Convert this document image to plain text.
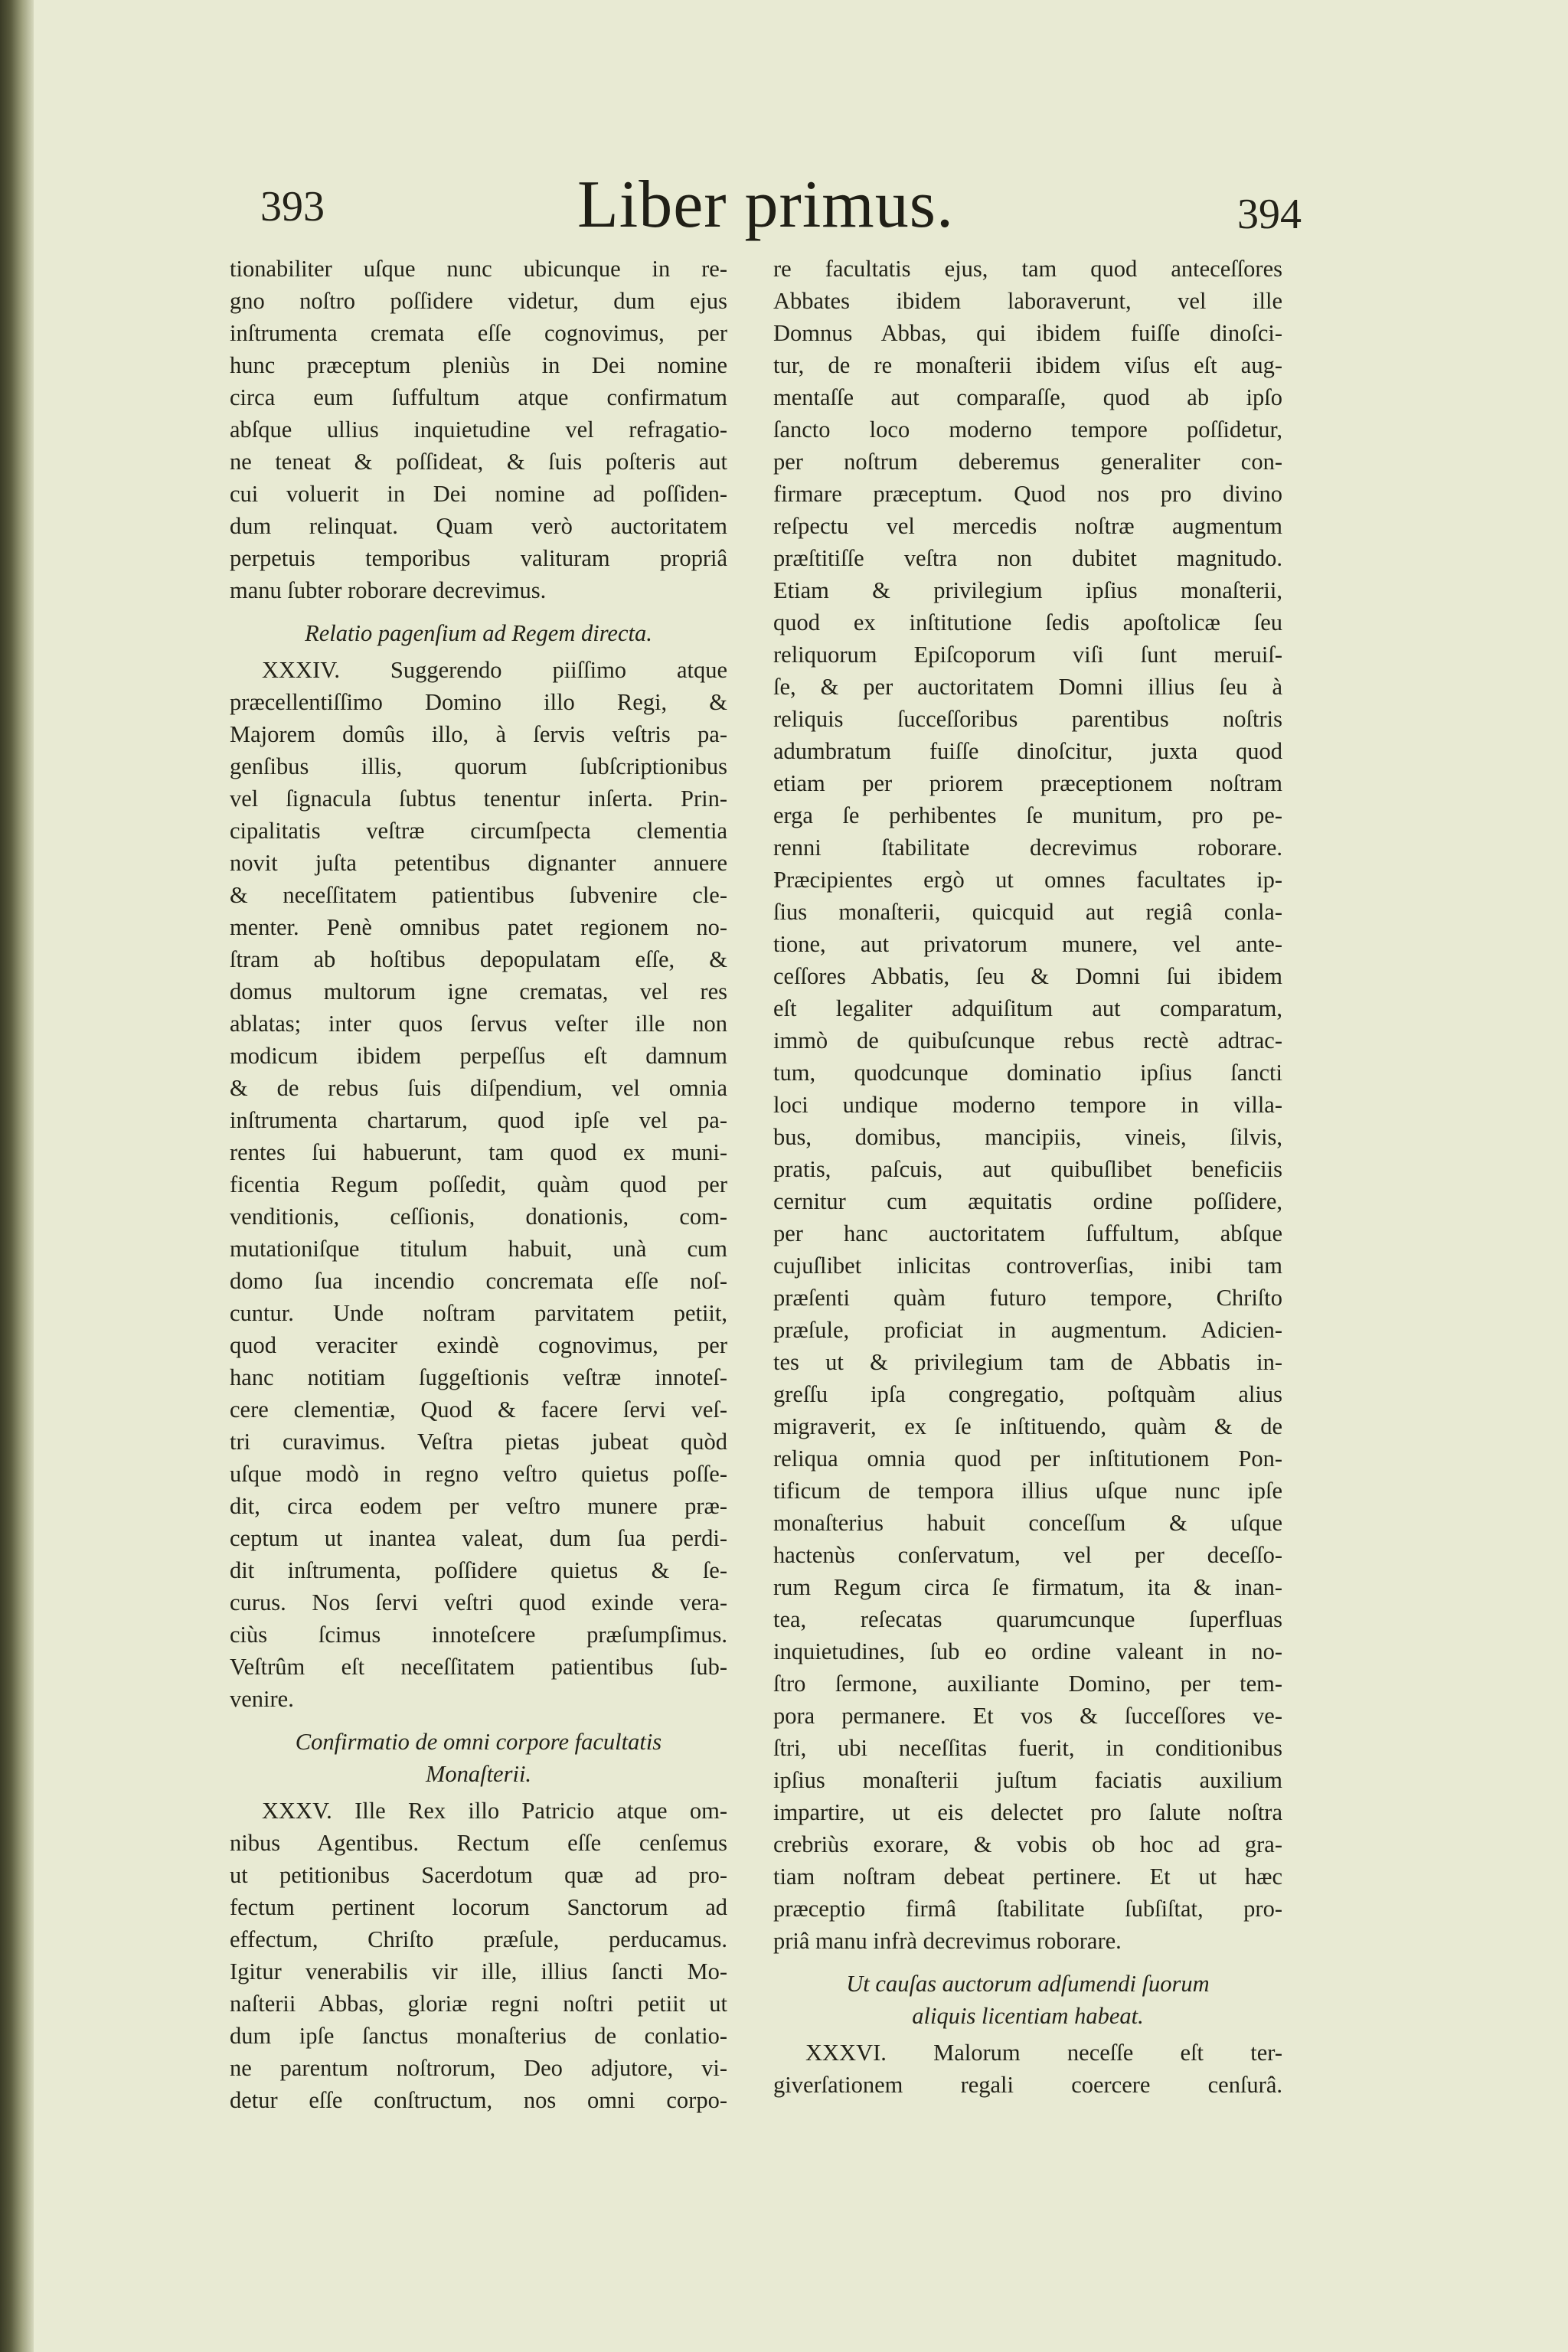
393	Liber primus.	394
tionabiliter uſque nunc ubicunque in re-
gno noſtro poſſidere videtur, dum ejus
inſtrumenta cremata eſſe cognovimus, per
hunc præceptum pleniùs in Dei nomine
circa eum ſuffultum atque confirmatum
abſque ullius inquietudine vel refragatio-
ne teneat & poſſideat, & ſuis poſteris aut
cui voluerit in Dei nomine ad poſſiden-
dum relinquat. Quam verò auctoritatem
perpetuis temporibus valituram propriâ
manu ſubter roborare decrevimus.
Relatio pagenſium ad Regem directa.
XXXIV. Suggerendo piiſſimo atque
præcellentiſſimo Domino illo Regi, &
Majorem domûs illo, à ſervis veſtris pa-
genſibus illis, quorum ſubſcriptionibus
vel ſignacula ſubtus tenentur inſerta. Prin-
cipalitatis veſtræ circumſpecta clementia
novit juſta petentibus dignanter annuere
& neceſſitatem patientibus ſubvenire cle-
menter. Penè omnibus patet regionem no-
ſtram ab hoſtibus depopulatam eſſe, &
domus multorum igne crematas, vel res
ablatas; inter quos ſervus veſter ille non
modicum ibidem perpeſſus eſt damnum
& de rebus ſuis diſpendium, vel omnia
inſtrumenta chartarum, quod ipſe vel pa-
rentes ſui habuerunt, tam quod ex muni-
ficentia Regum poſſedit, quàm quod per
venditionis, ceſſionis, donationis, com-
mutationiſque titulum habuit, unà cum
domo ſua incendio concremata eſſe noſ-
cuntur. Unde noſtram parvitatem petiit,
quod veraciter exindè cognovimus, per
hanc notitiam ſuggeſtionis veſtræ innoteſ-
cere clementiæ, Quod & facere ſervi veſ-
tri curavimus. Veſtra pietas jubeat quòd
uſque modò in regno veſtro quietus poſſe-
dit, circa eodem per veſtro munere præ-
ceptum ut inantea valeat, dum ſua perdi-
dit inſtrumenta, poſſidere quietus & ſe-
curus. Nos ſervi veſtri quod exinde vera-
ciùs ſcimus innoteſcere præſumpſimus.
Veſtrûm eſt neceſſitatem patientibus ſub-
venire.
Confirmatio de omni corpore facultatis
Monaſterii.
XXXV. Ille Rex illo Patricio atque om-
nibus Agentibus. Rectum eſſe cenſemus
ut petitionibus Sacerdotum quæ ad pro-
fectum pertinent locorum Sanctorum ad
effectum, Chriſto præſule, perducamus.
Igitur venerabilis vir ille, illius ſancti Mo-
naſterii Abbas, gloriæ regni noſtri petiit ut
dum ipſe ſanctus monaſterius de conlatio-
ne parentum noſtrorum, Deo adjutore, vi-
detur eſſe conſtructum, nos omni corpo-
re facultatis ejus, tam quod anteceſſores
Abbates ibidem laboraverunt, vel ille
Domnus Abbas, qui ibidem fuiſſe dinoſci-
tur, de re monaſterii ibidem viſus eſt aug-
mentaſſe aut comparaſſe, quod ab ipſo
ſancto loco moderno tempore poſſidetur,
per noſtrum deberemus generaliter con-
firmare præceptum. Quod nos pro divino
reſpectu vel mercedis noſtræ augmentum
præſtitiſſe veſtra non dubitet magnitudo.
Etiam & privilegium ipſius monaſterii,
quod ex inſtitutione ſedis apoſtolicæ ſeu
reliquorum Epiſcoporum viſi ſunt meruiſ-
ſe, & per auctoritatem Domni illius ſeu à
reliquis ſucceſſoribus parentibus noſtris
adumbratum fuiſſe dinoſcitur, juxta quod
etiam per priorem præceptionem noſtram
erga ſe perhibentes ſe munitum, pro pe-
renni ſtabilitate decrevimus roborare.
Præcipientes ergò ut omnes facultates ip-
ſius monaſterii, quicquid aut regiâ conla-
tione, aut privatorum munere, vel ante-
ceſſores Abbatis, ſeu & Domni ſui ibidem
eſt legaliter adquiſitum aut comparatum,
immò de quibuſcunque rebus rectè adtrac-
tum, quodcunque dominatio ipſius ſancti
loci undique moderno tempore in villa-
bus, domibus, mancipiis, vineis, ſilvis,
pratis, paſcuis, aut quibuſlibet beneficiis
cernitur cum æquitatis ordine poſſidere,
per hanc auctoritatem ſuffultum, abſque
cujuſlibet inlicitas controverſias, inibi tam
præſenti quàm futuro tempore, Chriſto
præſule, proficiat in augmentum. Adicien-
tes ut & privilegium tam de Abbatis in-
greſſu ipſa congregatio, poſtquàm alius
migraverit, ex ſe inſtituendo, quàm & de
reliqua omnia quod per inſtitutionem Pon-
tificum de tempora illius uſque nunc ipſe
monaſterius habuit conceſſum & uſque
hactenùs conſervatum, vel per deceſſo-
rum Regum circa ſe firmatum, ita & inan-
tea, reſecatas quarumcunque ſuperfluas
inquietudines, ſub eo ordine valeant in no-
ſtro ſermone, auxiliante Domino, per tem-
pora permanere. Et vos & ſucceſſores ve-
ſtri, ubi neceſſitas fuerit, in conditionibus
ipſius monaſterii juſtum faciatis auxilium
impartire, ut eis delectet pro ſalute noſtra
crebriùs exorare, & vobis ob hoc ad gra-
tiam noſtram debeat pertinere. Et ut hæc
præceptio firmâ ſtabilitate ſubſiſtat, pro-
priâ manu infrà decrevimus roborare.
Ut cauſas auctorum adſumendi ſuorum
aliquis licentiam habeat.
XXXVI. Malorum neceſſe eſt ter-
giverſationem regali coercere cenſurâ.
